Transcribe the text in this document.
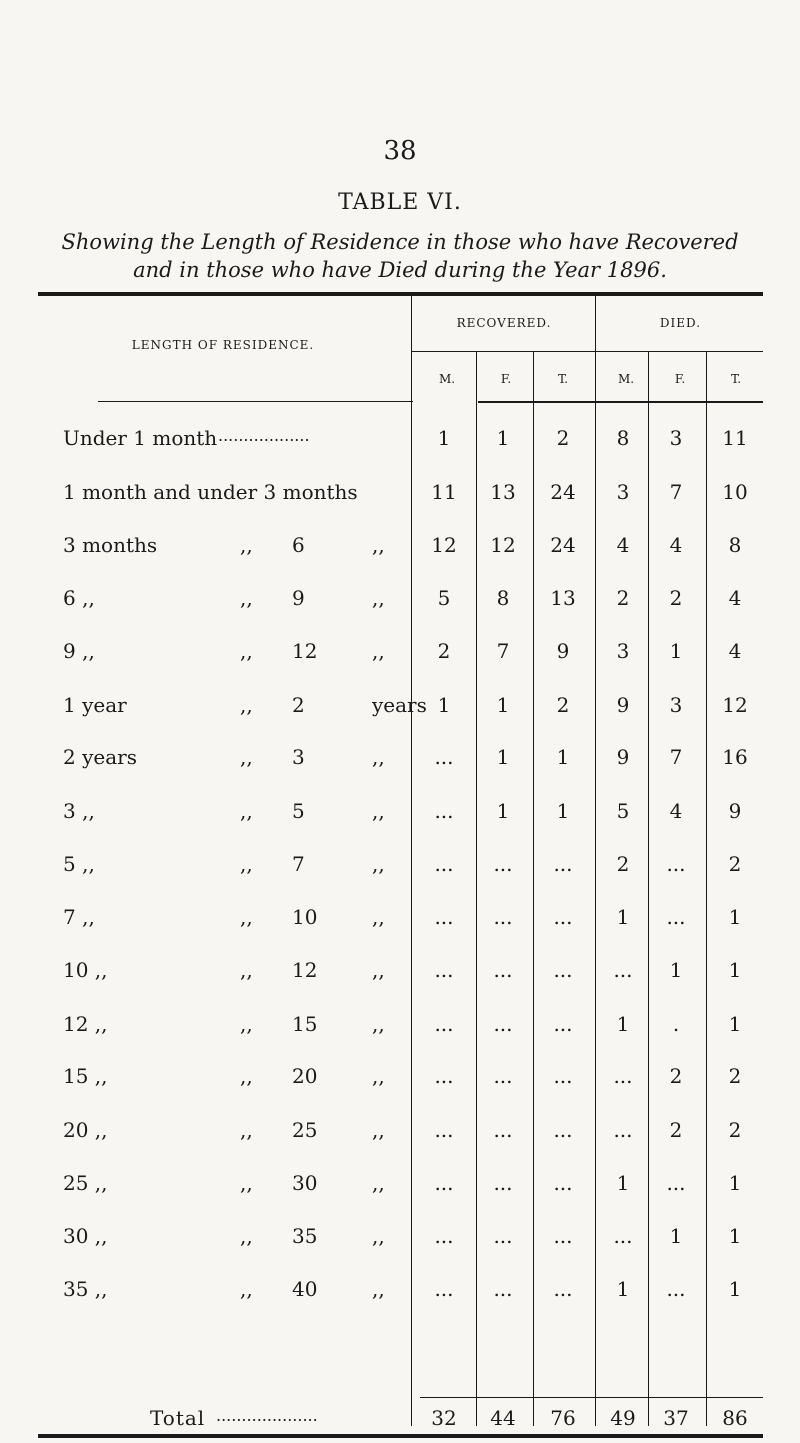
38
TABLE VI.
Showing the Length of Residence in those who have Recovered
and in those who have Died during the Year 1896.
LENGTH OF RESIDENCE.
RECOVERED.	DIED.
M.	F.	T.	M.	F.	T.
Under 1 month ..................	1	1	2	8	3	11
1 month and under 3 months	11	13	24	3	7	10
3 months	,, 6	,,	12	12	24	4	4	8
6 ,,	,, 9	,,	5	8	13	2	2	4
9 ,,	,, 12	,,	2	7	9	3	1	4
1 year	,, 2	years 1	1	2	9	3	12
2 years	,, 3	,,	...	1	1	9	7	16
3 ,,	,, 5	,,	...	1	1	5	4	9
5 ,,	,, 7	,,	...	...	...	2	...	2
7 ,,	,, 10	,,	...	...	...	1	...	1
10 ,,	,, 12	,,	...	...	...	...	1	1
12 ,,	,, 15	,,	...	...	...	1	.	1
15 ,,	,, 20	,,	...	...	...	...	2	2
20 ,,	,, 25	,,	...	...	...	...	2	2
25 ,,	,, 30	,,	...	...	...	1	...	1
30 ,,	,, 35	,,	...	...	...	...	1	1
35 ,,	,, 40	,,	...	...	...	1	...	1
Total ....................	32	44	76	49	37	86
